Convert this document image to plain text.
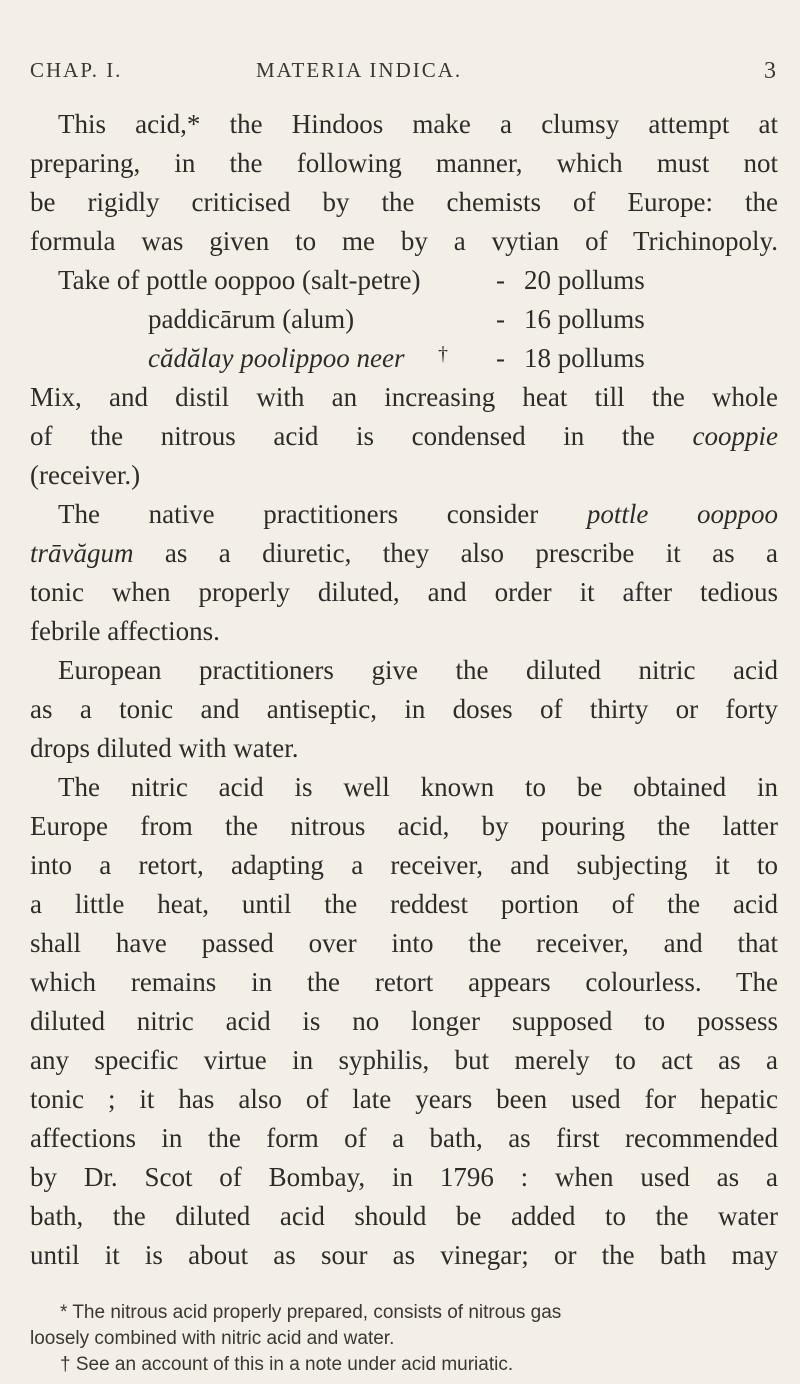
CHAP. I.	MATERIA INDICA.	3
This acid,* the Hindoos make a clumsy attempt at
preparing, in the following manner, which must not
be rigidly criticised by the chemists of Europe: the
formula was given to me by a vytian of Trichinopoly.
Take of pottle ooppoo (salt-petre)	- 20 pollums
paddicārum (alum)	- 16 pollums
cădălay poolippoo neer † - 18 pollums
Mix, and distil with an increasing heat till the whole
of the nitrous acid is condensed in the cooppie
(receiver.)
The native practitioners consider pottle ooppoo
trāvăgum as a diuretic, they also prescribe it as a
tonic when properly diluted, and order it after tedious
febrile affections.
European practitioners give the diluted nitric acid
as a tonic and antiseptic, in doses of thirty or forty
drops diluted with water.
The nitric acid is well known to be obtained in
Europe from the nitrous acid, by pouring the latter
into a retort, adapting a receiver, and subjecting it to
a little heat, until the reddest portion of the acid
shall have passed over into the receiver, and that
which remains in the retort appears colourless. The
diluted nitric acid is no longer supposed to possess
any specific virtue in syphilis, but merely to act as a
tonic ; it has also of late years been used for hepatic
affections in the form of a bath, as first recommended
by Dr. Scot of Bombay, in 1796 : when used as a
bath, the diluted acid should be added to the water
until it is about as sour as vinegar; or the bath may
* The nitrous acid properly prepared, consists of nitrous gas
loosely combined with nitric acid and water.
† See an account of this in a note under acid muriatic.
